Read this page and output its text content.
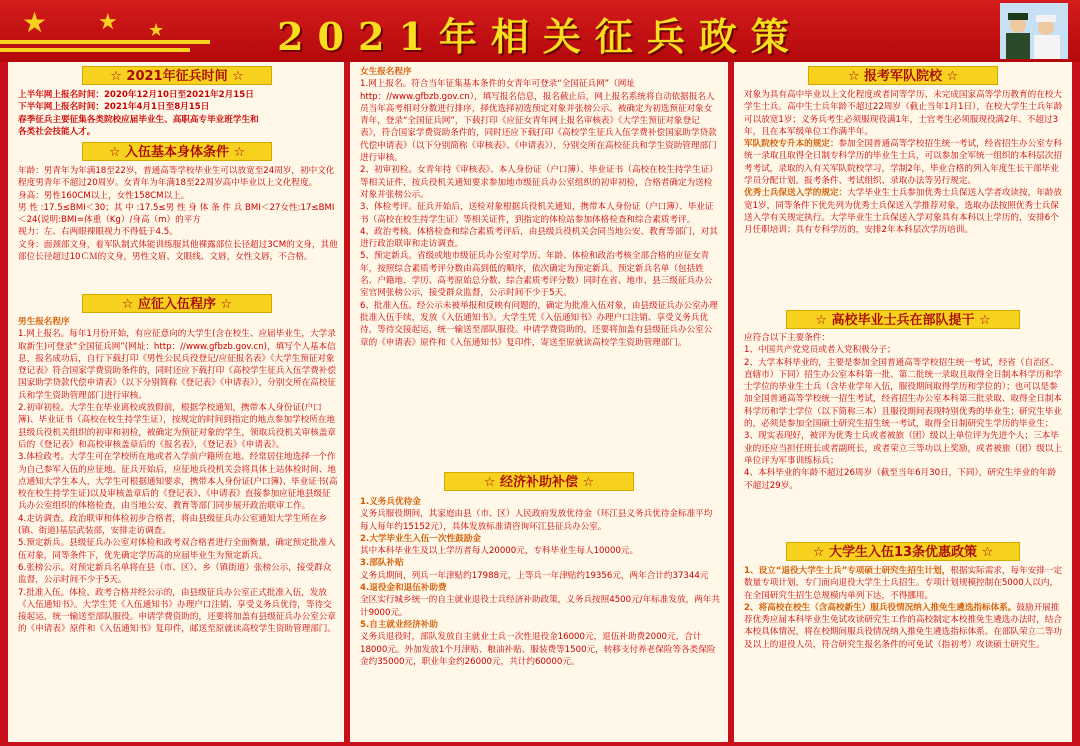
★ ★ ★	2021年相关征兵政策
☆ 2021年征兵时间 ☆

上半年网上报名时间：2020年12月10日至2021年2月15日

下半年网上报名时间：2021年4月1日至8月15日

春季征兵主要征集各类院校应届毕业生、高职高专毕业班学生和

各类社会技能人才。

☆ 入伍基本身体条件 ☆

年龄：男青年为年满18至22岁，普通高等学校毕业生可以放宽至24周岁，初中文化程度男青年不超过20周岁。女青年为年满18至22周岁高中毕业以上文化程度。

身高：男性160CM以上，女性158CM以上。

男 性 :17.5≤BMI＜30；其 中 :17.5≤男 性 身 体 条 件 兵 BMI＜27女性:17≤BMI＜24(说明:BMI=体重（Kg）/身高（m）的平方

视力：左、右两眼裸眼视力不得低于4.5。

文身：面颈部文身，着军队制式体能训练服其他裸露部位长径超过3CM的文身，其他部位长径超过10ＣＭ的文身，男性文眉、文眼线、文唇，女性文唇，不合格。

☆ 应征入伍程序 ☆

男生报名程序

1.网上报名。每年1月份开始，有应征意向的大学生(含在校生、应届毕业生，大学录取新生)可登录“全国征兵网”(网址：http：//www.gfbzb.gov.cn)，填写个人基本信息，报名成功后，自行下载打印《男性公民兵役登记/应征报名表》《大学生预征对象登记表》符合国家学费资助条件的，同时还应下载打印《高校学生征兵入伍学费补偿国家助学贷款代偿申请表》（以下分别简称《登记表》《申请表》），分别交所在高校征兵和学生资助管理部门进行审核。

2.初审初检。大学生在毕业离校或放假前，根据学校通知，携带本人身份证(户口簿)、毕业证书（高校在校生持学生证），按规定的时间到指定的地点参加学校所在地县级兵役机关组织的初审和初检，被确定为预征对象的学生，领取兵役机关审核盖章后的《登记表》和高校审核盖章后的《报名表》，《登记表》《申请表》。

3.体检政考。大学生可在学校所在地或者入学前户籍所在地、经常居住地选择一个作为自己参军入伍的应征地。征兵开始后，应征地兵役机关会将具体上站体检时间、地点通知大学生本人，大学生可根据通知要求，携带本人身份证(户口簿)、毕业证书(高校在校生持学生证)以及审核盖章后的《登记表》、《申请表》直接参加应征地县级征兵办公室组织的体格检查，由当地公安、教育等部门同步展开政治联审工作。

4.走访调查。政治联审和体检初步合格者，将由县级征兵办公室通知大学生所在乡(镇、街道)基层武装部，安排走访调查。

5.预定新兵。县级征兵办公室对体检和政考双合格者进行全面衡量，确定预定批准入伍对象，同等条件下，优先确定学历高的应届毕业生为预定新兵。

6.张榜公示。对预定新兵名单将在县（市、区）、乡（镇街道）张榜公示，接受群众监督，公示时间不少于5天。

7.批准入伍。体检、政考合格并经公示的，由县级征兵办公室正式批准入伍，发放《入伍通知书》。大学生凭《入伍通知书》办理户口注销、享受义务兵优待，等待交接起运，统一输送至部队服役。申请学费资助的，还要将加盖有县级征兵办公室公章的《申请表》原件和《入伍通知书》复印件，邮送至原就读高校学生资助管理部门。

女生报名程序

1.网上报名。符合当年征集基本条件的女青年可登录“全国征兵网”（网址http：//www.gfbzb.gov.cn），填写报名信息，报名截止后，网上报名系统将自动依据报名人员当年高考相对分数进行排序，择优选择初选预定对象并张榜公示。被确定为初选预征对象女青年，登录“全国征兵网”，下载打印《应征女青年网上报名审核表》《大学生预征对象登记表》，符合国家学费资助条件的，同时还应下载打印《高校学生征兵入伍学费补偿国家助学贷款代偿申请表》（以下分别简称《审核表》、《申请表》），分别交所在高校征兵和学生资助管理部门进行审核。

2、初审初检。女青年持《审核表》、本人身份证（户口簿）、毕业证书（高校在校生持学生证）等相关证件，按兵役机关通知要求参加地市级征兵办公室组织的初审初检，合格者确定为送检对象并张榜公示。

3、体检考评。征兵开始后，送检对象根据兵役机关通知，携带本人身份证（户口簿）、毕业证书（高校在校生持学生证）等相关证件，到指定的体检站参加体格检查和综合素质考评。

4、政治考核。体格检查和综合素质考评后，由县级兵役机关会同当地公安、教育等部门，对其进行政治联审和走访调查。

5、预定新兵。省级或地市级征兵办公室对学历、年龄、体检和政治考核全部合格的应征女青年，按照综合素质考评分数由高到低的顺序，依次确定为预定新兵。预定新兵名单（包括姓名、户籍地、学历、高考原始总分数、综合素质考评分数）同时在省、地市、县三级征兵办公室官网张榜公示，接受群众监督，公示时间不少于5天。

6、批准入伍。经公示未被举报和反映有问题的，确定为批准入伍对象，由县级征兵办公室办理批准入伍手续，发放《入伍通知书》。大学生凭《入伍通知书》办理户口注销、享受义务兵优待，等待交接起运，统一输送至部队服役。申请学费资助的，还要将加盖有县级征兵办公室公章的《申请表》原件和《入伍通知书》复印件，寄送至原就读高校学生资助管理部门。

☆ 经济补助补偿 ☆

1.义务兵优待金

义务兵服役期间，其家庭由县（市、区）人民政府发放优待金（环江县义务兵优待金标准平均每人每年约15152元），具体发放标准请咨询环江县征兵办公室。

2.大学毕业生入伍一次性鼓励金

其中本科毕业生及以上学历者每人20000元，专科毕业生每人10000元。

3.部队补贴

义务兵期间，列兵一年津贴约17988元，上等兵一年津贴约19356元，两年合计约37344元

4.退役金和退伍补助费

全区实行城乡统一的自主就业退役士兵经济补助政策，义务兵按照4500元/年标准发放，两年共计9000元。

5.自主就业经济补助

义务兵退役时，部队发放自主就业士兵一次性退役金16000元，退伍补助费2000元，合计18000元。外加发放1个月津贴、粮油补贴、服装费等1500元，转移支付养老保险等各类保险金约35000元，职业年金约26000元，共计约60000元。

☆ 报考军队院校 ☆

对象为具有高中毕业以上文化程度或者同等学历、未完成国家高等学历教育的在校大学生士兵。高中生士兵年龄不超过22周岁（截止当年1月1日），在校大学生士兵年龄可以放宽1岁；义务兵考生必须服现役满1年，士官考生必须服现役满2年、不超过3年，且在本军级单位工作满半年。

军队院校专升本的规定：参加全国普通高等学校招生统一考试，经省招生办公室专科统一录取且取得全日制专科学历的毕业生士兵，可以参加全军统一组织的本科层次招考考试，录取的入有关军队院校学习，学制2年，毕业合格的列入年度生长干部毕业学员分配计划。报考条件、考试组织、录取办法等另行规定。

优秀士兵保送入学的规定：大学毕业生士兵参加优秀士兵保送入学者攻读按，年龄放宽1岁，同等条件下优先列为优秀士兵保送入学推荐对象，选取办法按照优秀士兵保送入学有关规定执行。大学毕业生士兵保送入学对象具有本科以上学历的，安排6个月任职培训；具有专科学历的，安排2年本科层次学历培训。

☆ 高校毕业士兵在部队提干 ☆

应符合以下主要条件：

1、中国共产党党员或者入党积极分子；

2、大学本科毕业的，主要是参加全国普通高等学校招生统一考试，经省（自治区、直辖市）下同）招生办公室本科第一批、第二批统一录取且取得全日制本科学历和学士学位的毕业生士兵（含毕业学年入伍，服役期间取得学历和学位的）；也可以是参加全国普通高等学校统一招生考试，经省招生办公室本科第三批录取、取得全日制本科学历和学士学位（以下简称三本）且服役期间表现特别优秀的毕业生；研究生毕业的，必须是参加全国硕士研究生招生统一考试，取得全日制研究生学历的毕业生；

3、现实表现好，被评为优秀士兵或者被旅（团）级以上单位评为先进个人；三本毕业的还应当担任班长或者副班长，或者荣立三等功以上奖励，或者被旅（团）级以上单位评为军事训练标兵；

4、本科毕业的年龄不超过26周岁（截至当年6月30日，下同），研究生毕业的年龄不超过29岁。

☆ 大学生入伍13条优惠政策 ☆

1、设立“退役大学生士兵”专项硕士研究生招生计划，根据实际需求，每年安排一定数量专项计划，专门面向退役大学生士兵招生。专项计划规模控制在5000人以内，在全国研究生招生总规模内单列下达，不得挪用。

2、将高校在校生（含高校新生）服兵役情况纳入推免生遴选指标体系。鼓励开展推荐优秀应届本科毕业生免试攻读研究生工作的高校制定本校推免生遴选办法时，结合本校具体情况，将在校期间服兵役情况纳入推免生遴选指标体系。在部队荣立二等功及以上的退役人员，符合研究生报名条件的可免试（指初考）攻读硕士研究生。
